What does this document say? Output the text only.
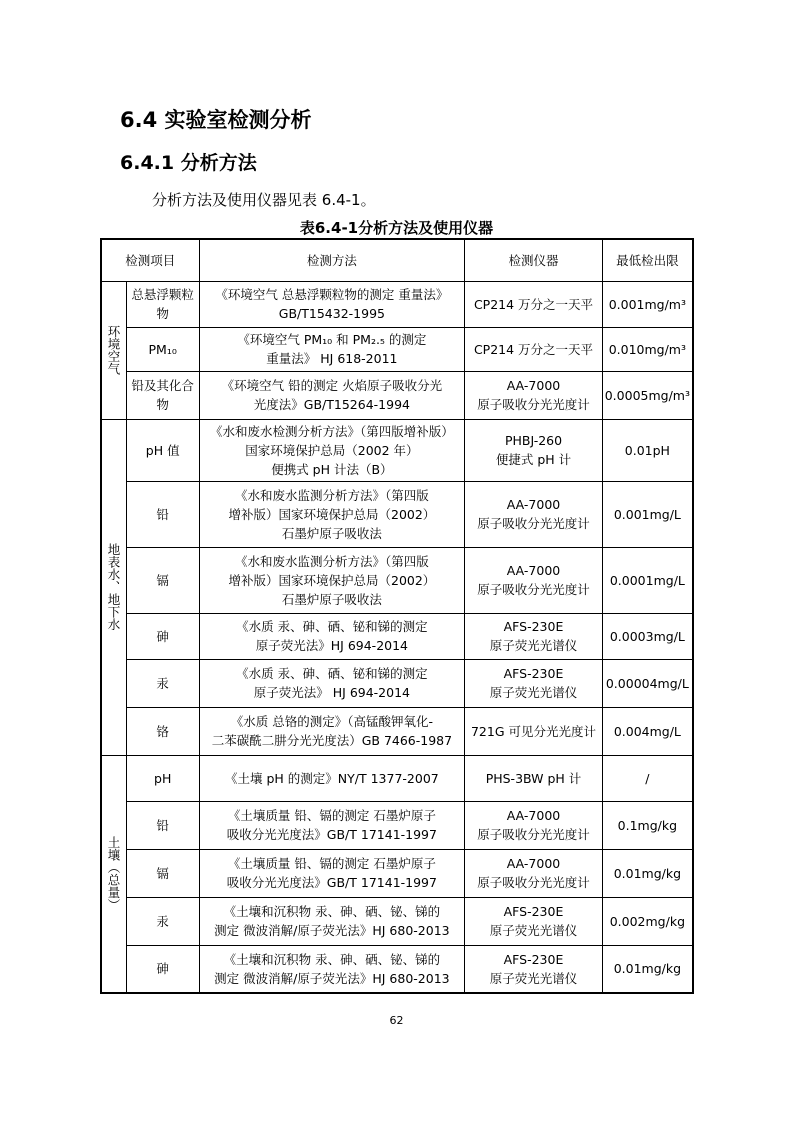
6.4 实验室检测分析
6.4.1 分析方法
分析方法及使用仪器见表 6.4-1。
表6.4-1分析方法及使用仪器
检测项目		检测方法	检测仪器	最低检出限

环境空气	总悬浮颗粒物	《环境空气 总悬浮颗粒物的测定 重量法》
GB/T15432-1995	CP214 万分之一天平	0.001mg/m³
	PM₁₀	《环境空气 PM₁₀ 和 PM₂.₅ 的测定
重量法》 HJ 618-2011	CP214 万分之一天平	0.010mg/m³
	铅及其化合物	《环境空气 铅的测定 火焰原子吸收分光
光度法》GB/T15264-1994	AA-7000
原子吸收分光光度计	0.0005mg/m³

地表水、地下水	pH 值	《水和废水检测分析方法》（第四版增补版）
国家环境保护总局（2002 年）
便携式 pH 计法（B）	PHBJ-260
便捷式 pH 计	0.01pH
	铅	《水和废水监测分析方法》（第四版
增补版）国家环境保护总局（2002）
石墨炉原子吸收法	AA-7000
原子吸收分光光度计	0.001mg/L
	镉	《水和废水监测分析方法》（第四版
增补版）国家环境保护总局（2002）
石墨炉原子吸收法	AA-7000
原子吸收分光光度计	0.0001mg/L
	砷	《水质 汞、砷、硒、铋和锑的测定
原子荧光法》HJ 694-2014	AFS-230E
原子荧光光谱仪	0.0003mg/L
	汞	《水质 汞、砷、硒、铋和锑的测定
原子荧光法》 HJ 694-2014	AFS-230E
原子荧光光谱仪	0.00004mg/L
	铬	《水质 总铬的测定》（高锰酸钾氧化-
二苯碳酰二肼分光光度法）GB 7466-1987	721G 可见分光光度计	0.004mg/L

土壤（总量）	pH	《土壤 pH 的测定》NY/T 1377-2007	PHS-3BW pH 计	/
	铅	《土壤质量 铅、镉的测定 石墨炉原子
吸收分光光度法》GB/T 17141-1997	AA-7000
原子吸收分光光度计	0.1mg/kg
	镉	《土壤质量 铅、镉的测定 石墨炉原子
吸收分光光度法》GB/T 17141-1997	AA-7000
原子吸收分光光度计	0.01mg/kg
	汞	《土壤和沉积物 汞、砷、硒、铋、锑的
测定 微波消解/原子荧光法》HJ 680-2013	AFS-230E
原子荧光光谱仪	0.002mg/kg
	砷	《土壤和沉积物 汞、砷、硒、铋、锑的
测定 微波消解/原子荧光法》HJ 680-2013	AFS-230E
原子荧光光谱仪	0.01mg/kg
62
